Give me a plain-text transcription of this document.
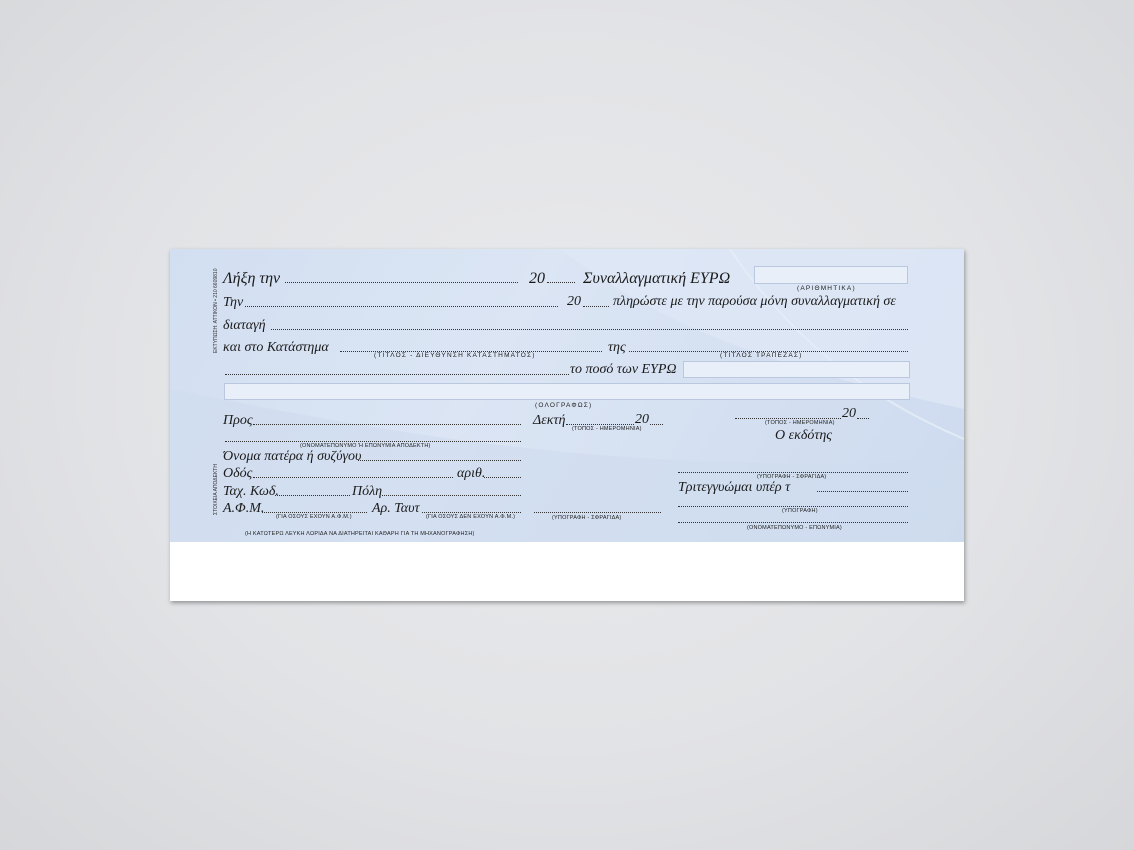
ΕΚΤΥΠΩΣΗ: ΑΤΤΙΚΟΝ • 210 6609810
ΣΤΟΙΧΕΙΑ ΑΠΟΔΕΚΤΗ
Λήξη την	20 Συναλλαγματική ΕΥΡΩ
(ΑΡΙΘΜΗΤΙΚΑ)
Την	20 πληρώστε με την παρούσα μόνη συναλλαγματική σε
διαταγή
και στο Κατάστημα
(ΤΙΤΛΟΣ - ΔΙΕΥΘΥΝΣΗ ΚΑΤΑΣΤΗΜΑΤΟΣ)
της
(ΤΙΤΛΟΣ ΤΡΑΠΕΖΑΣ)
το ποσό των ΕΥΡΩ
(ΟΛΟΓΡΑΦΩΣ)
Προς
(ΟΝΟΜΑΤΕΠΩΝΥΜΟ Ή ΕΠΩΝΥΜΙΑ ΑΠΟΔΕΚΤΗ)
Όνομα πατέρα ή συζύγου
Οδός	αριθ.
Ταχ. Κωδ.	Πόλη
Α.Φ.Μ.
(ΓΙΑ ΟΣΟΥΣ ΕΧΟΥΝ Α.Φ.Μ.)
Αρ. Ταυτ
(ΓΙΑ ΟΣΟΥΣ ΔΕΝ ΕΧΟΥΝ Α.Φ.Μ.)
Δεκτή	20
(ΤΟΠΟΣ - ΗΜΕΡΟΜΗΝΙΑ)
(ΥΠΟΓΡΑΦΗ - ΣΦΡΑΓΙΔΑ)
20
(ΤΟΠΟΣ - ΗΜΕΡΟΜΗΝΙΑ)
Ο εκδότης
(ΥΠΟΓΡΑΦΗ - ΣΦΡΑΓΙΔΑ)
Τριτεγγυώμαι υπέρ τ
(ΥΠΟΓΡΑΦΗ)
(ΟΝΟΜΑΤΕΠΩΝΥΜΟ - ΕΠΩΝΥΜΙΑ)
(Η ΚΑΤΩΤΕΡΩ ΛΕΥΚΗ ΛΩΡΙΔΑ ΝΑ ΔΙΑΤΗΡΕΙΤΑΙ ΚΑΘΑΡΗ ΓΙΑ ΤΗ ΜΗΧΑΝΟΓΡΑΦΗΣΗ)
